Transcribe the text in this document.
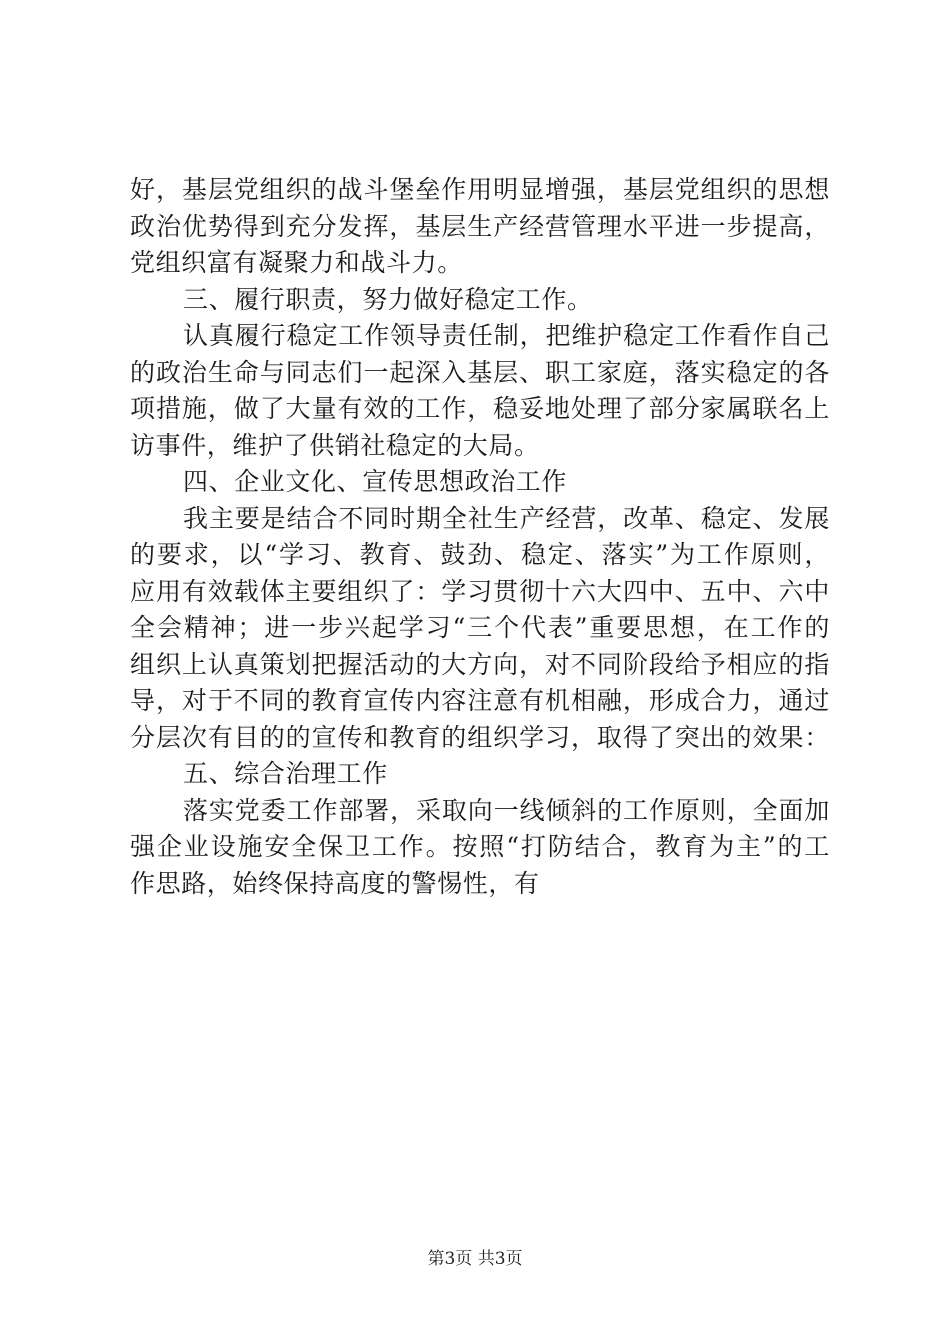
好，基层党组织的战斗堡垒作用明显增强，基层党组织的思想
政治优势得到充分发挥，基层生产经营管理水平进一步提高，
党组织富有凝聚力和战斗力。
三、履行职责，努力做好稳定工作。
认真履行稳定工作领导责任制，把维护稳定工作看作自己
的政治生命与同志们一起深入基层、职工家庭，落实稳定的各
项措施，做了大量有效的工作，稳妥地处理了部分家属联名上
访事件，维护了供销社稳定的大局。
四、企业文化、宣传思想政治工作
我主要是结合不同时期全社生产经营，改革、稳定、发展
的要求，以“学习、教育、鼓劲、稳定、落实”为工作原则，
应用有效载体主要组织了：学习贯彻十六大四中、五中、六中
全会精神；进一步兴起学习“三个代表”重要思想，在工作的
组织上认真策划把握活动的大方向，对不同阶段给予相应的指
导，对于不同的教育宣传内容注意有机相融，形成合力，通过
分层次有目的的宣传和教育的组织学习，取得了突出的效果：
五、综合治理工作
落实党委工作部署，采取向一线倾斜的工作原则，全面加
强企业设施安全保卫工作。按照“打防结合，教育为主”的工
作思路，始终保持高度的警惕性，有
第3页 共3页
